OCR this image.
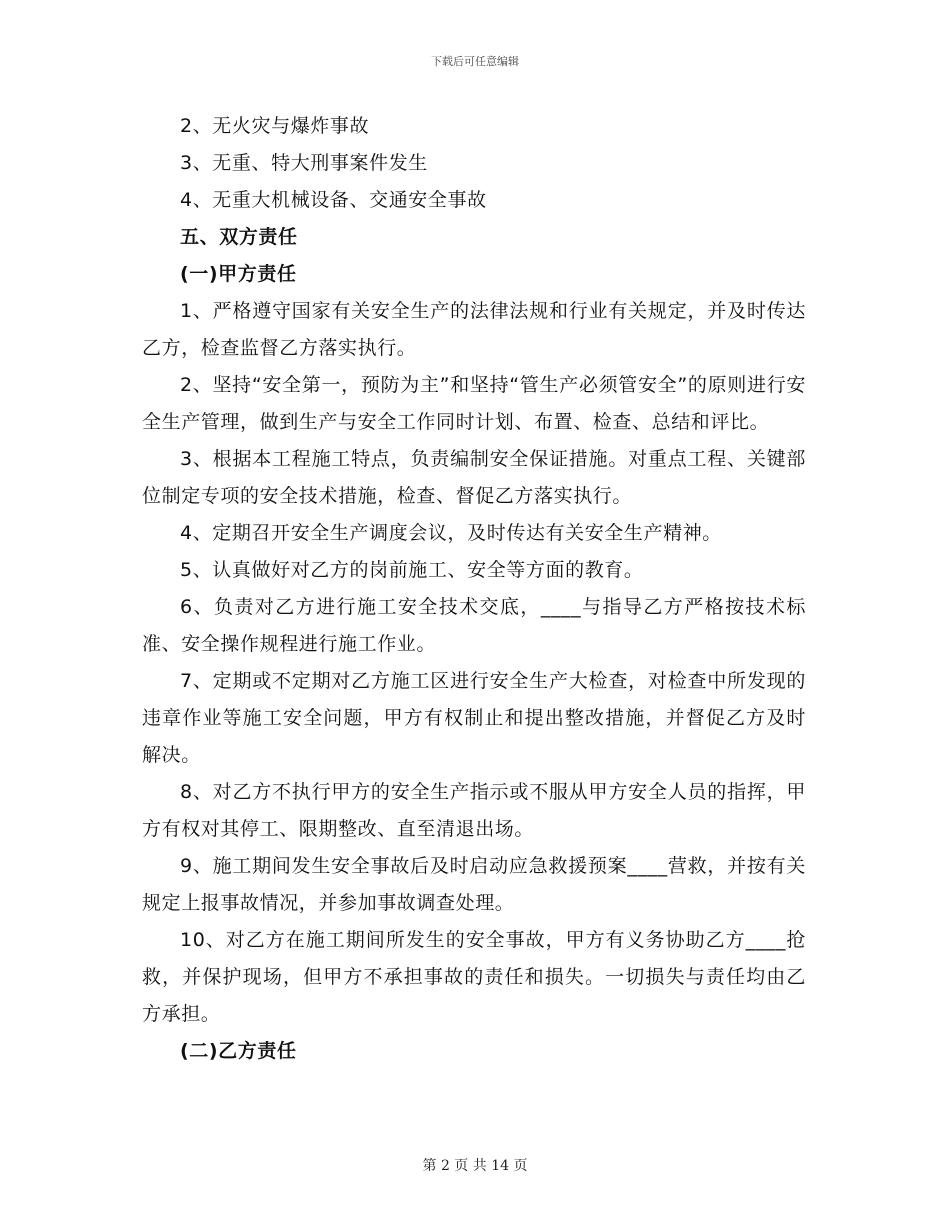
下载后可任意编辑

2、无火灾与爆炸事故

3、无重、特大刑事案件发生

4、无重大机械设备、交通安全事故

五、双方责任

(一)甲方责任

1、严格遵守国家有关安全生产的法律法规和行业有关规定，并及时传达乙方，检查监督乙方落实执行。

2、坚持“安全第一，预防为主”和坚持“管生产必须管安全”的原则进行安全生产管理，做到生产与安全工作同时计划、布置、检查、总结和评比。

3、根据本工程施工特点，负责编制安全保证措施。对重点工程、关键部位制定专项的安全技术措施，检查、督促乙方落实执行。

4、定期召开安全生产调度会议，及时传达有关安全生产精神。

5、认真做好对乙方的岗前施工、安全等方面的教育。

6、负责对乙方进行施工安全技术交底，____与指导乙方严格按技术标准、安全操作规程进行施工作业。

7、定期或不定期对乙方施工区进行安全生产大检查，对检查中所发现的违章作业等施工安全问题，甲方有权制止和提出整改措施，并督促乙方及时解决。

8、对乙方不执行甲方的安全生产指示或不服从甲方安全人员的指挥，甲方有权对其停工、限期整改、直至清退出场。

9、施工期间发生安全事故后及时启动应急救援预案____营救，并按有关规定上报事故情况，并参加事故调查处理。

10、对乙方在施工期间所发生的安全事故，甲方有义务协助乙方____抢救，并保护现场，但甲方不承担事故的责任和损失。一切损失与责任均由乙方承担。

(二)乙方责任

第 2 页 共 14 页
